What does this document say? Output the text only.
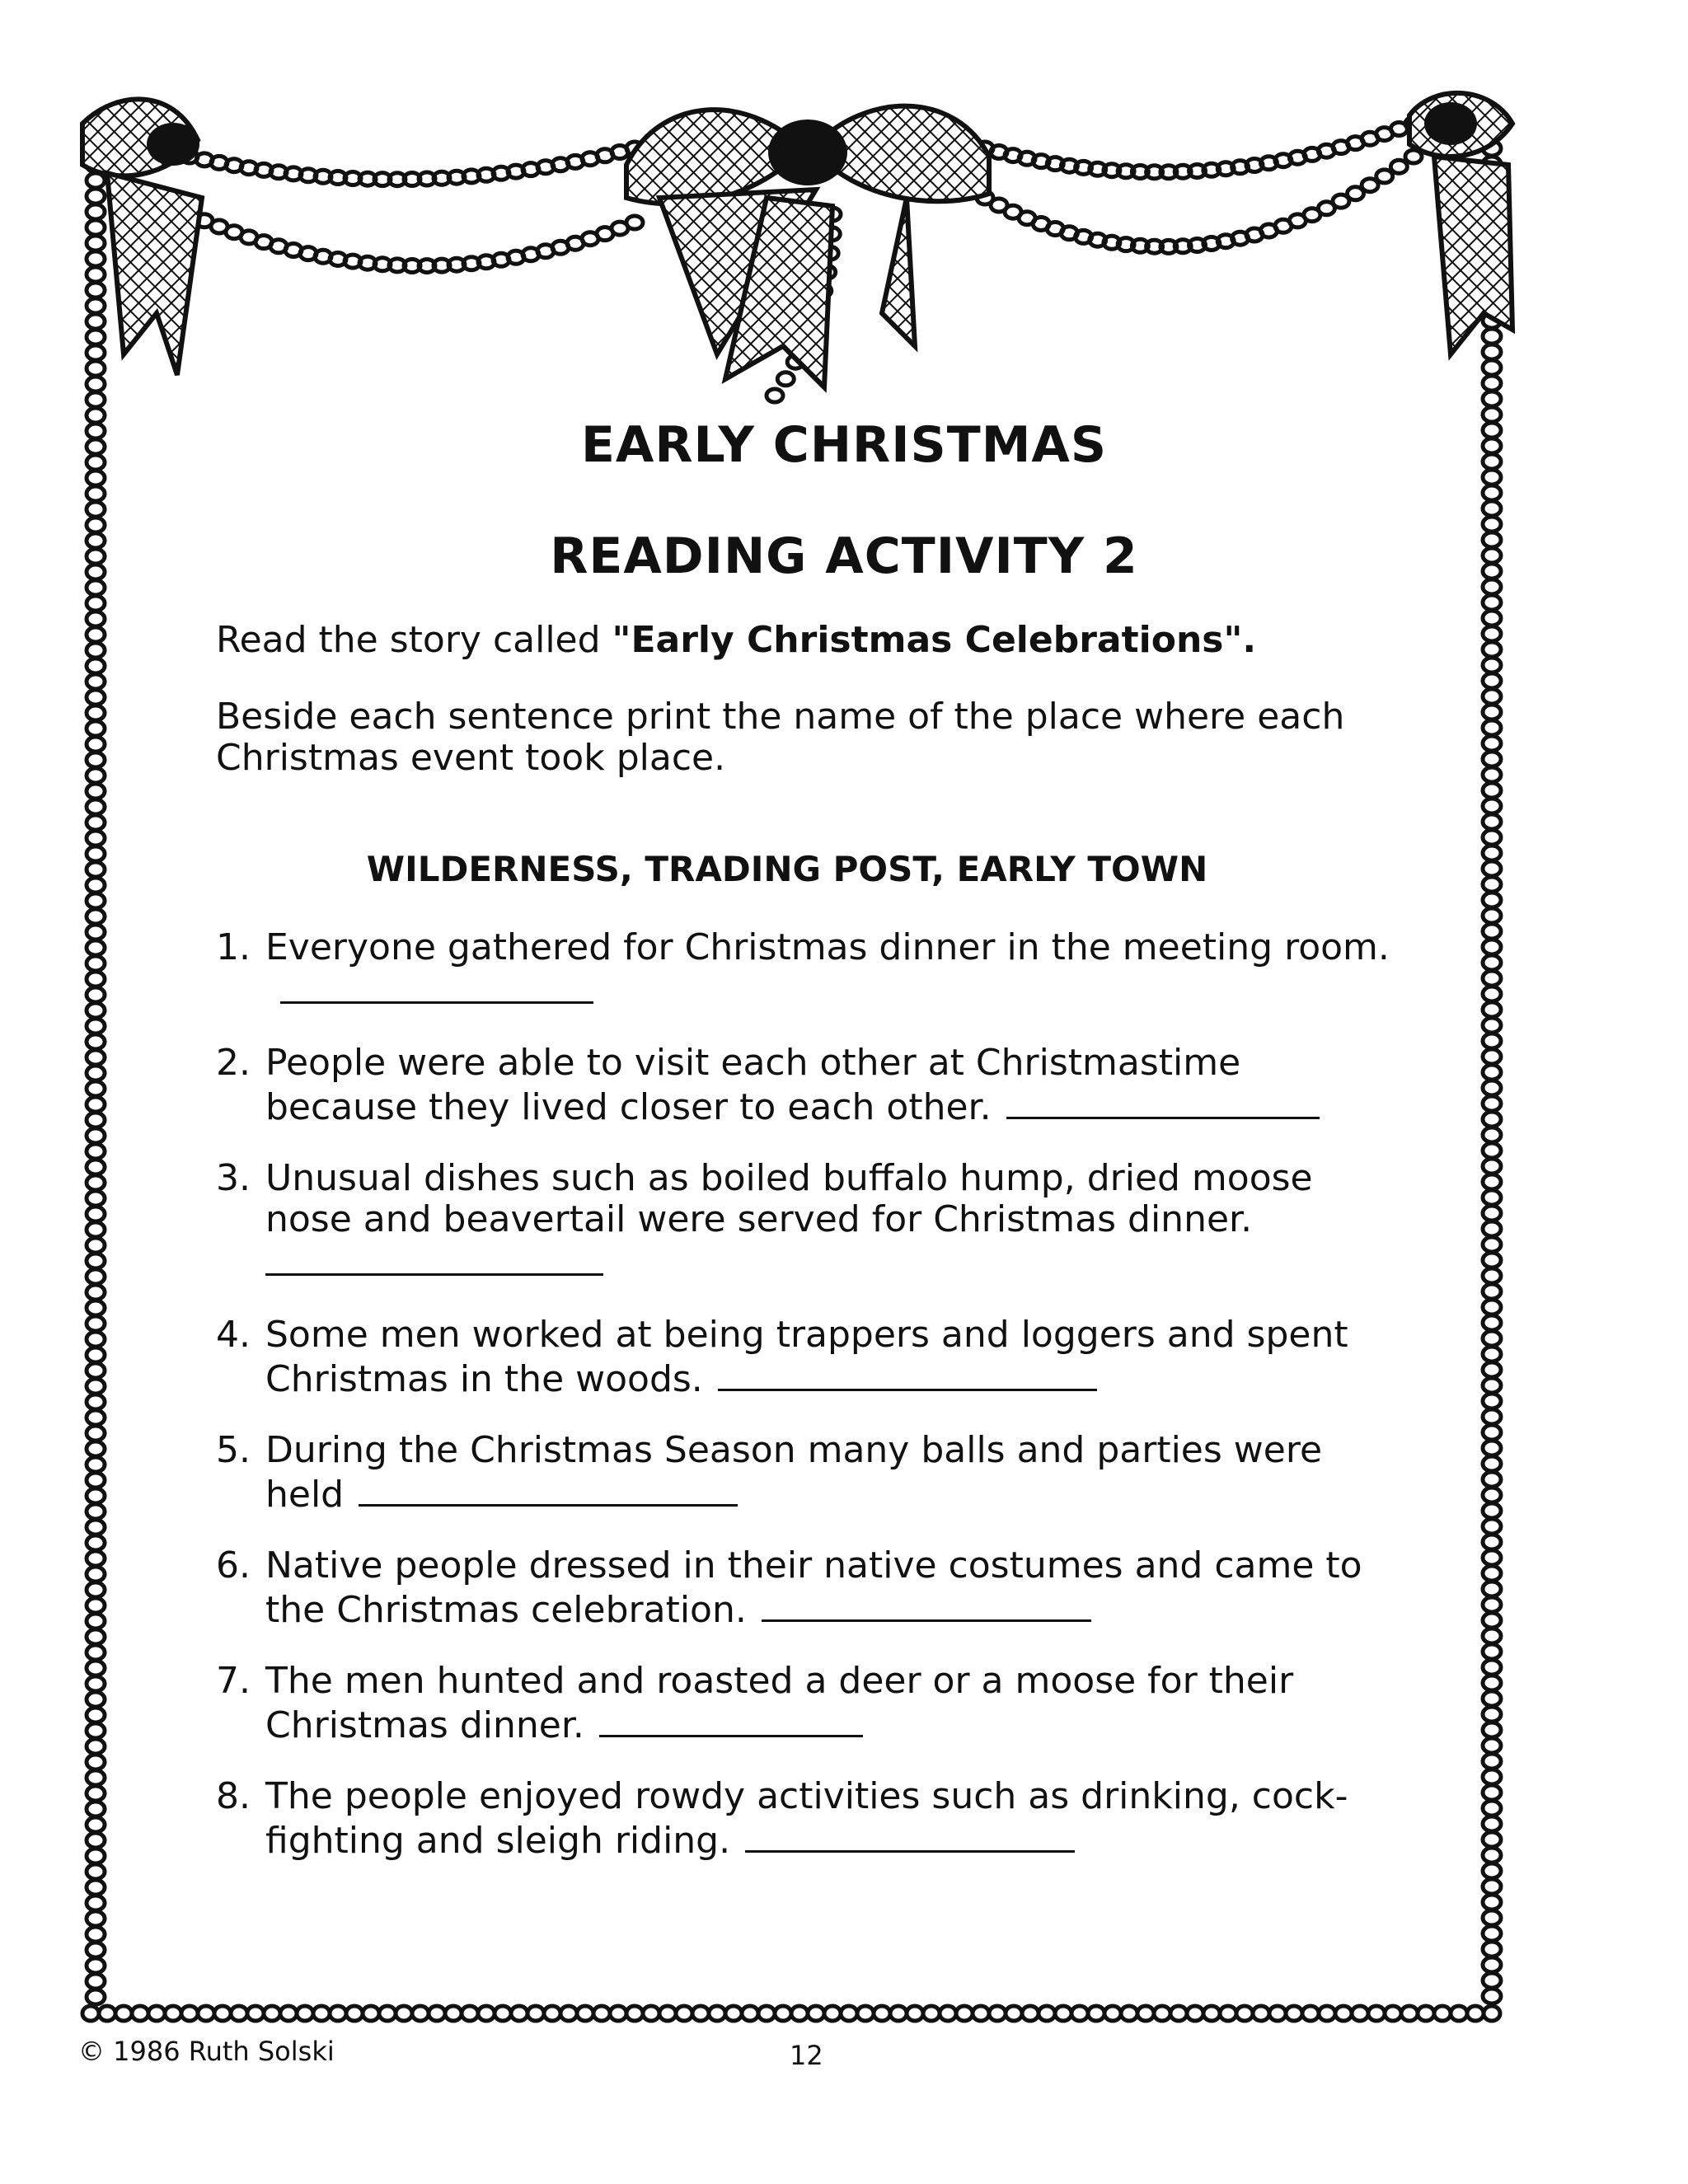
EARLY CHRISTMAS
READING ACTIVITY 2

Read the story called "Early Christmas Celebrations".

Beside each sentence print the name of the place where each Christmas event took place.

WILDERNESS, TRADING POST, EARLY TOWN

1. Everyone gathered for Christmas dinner in the meeting room.
2. People were able to visit each other at Christmastime because they lived closer to each other.
3. Unusual dishes such as boiled buffalo hump, dried moose nose and beavertail were served for Christmas dinner.
4. Some men worked at being trappers and loggers and spent Christmas in the woods.
5. During the Christmas Season many balls and parties were held
6. Native people dressed in their native costumes and came to the Christmas celebration.
7. The men hunted and roasted a deer or a moose for their Christmas dinner.
8. The people enjoyed rowdy activities such as drinking, cock-fighting and sleigh riding.
© 1986 Ruth Solski	12
